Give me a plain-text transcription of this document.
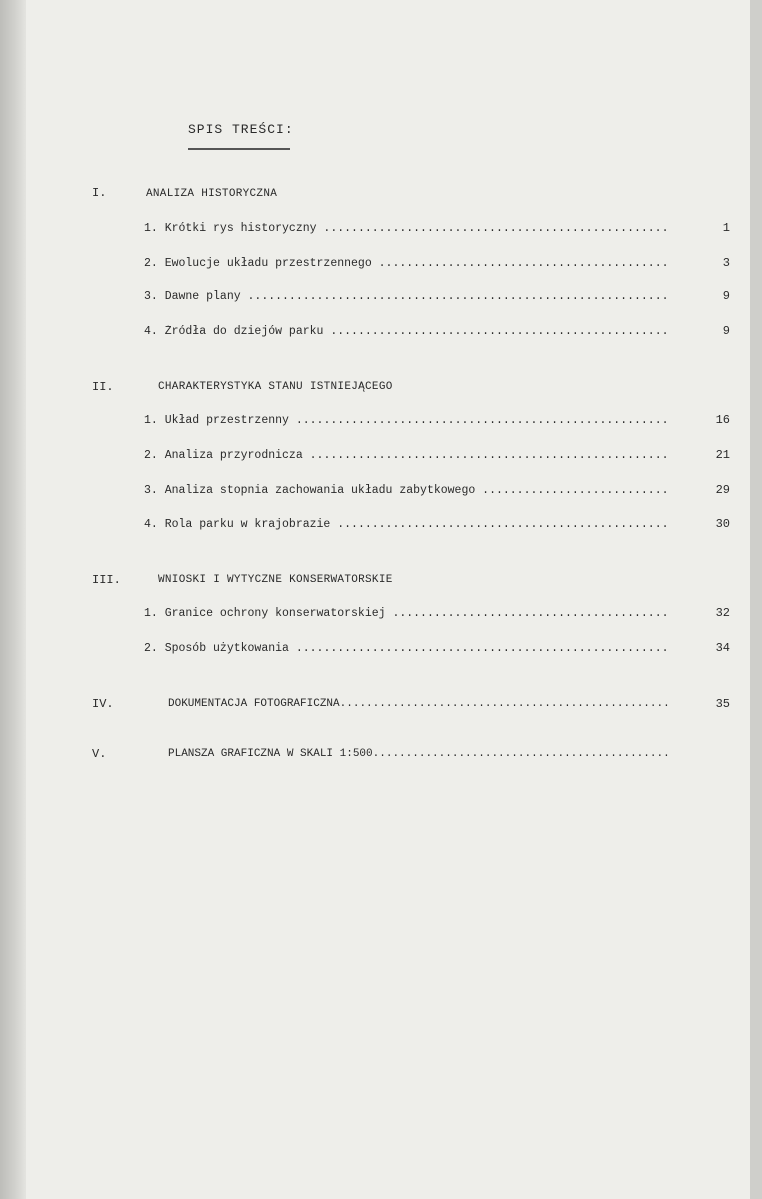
SPIS TREŚCI:
I.	ANALIZA HISTORYCZNA
1. Krótki rys historyczny .....	1
2. Ewolucje układu przestrzennego .....	3
3. Dawne plany .....	9
4. Źródła do dziejów parku .....	9
II.	CHARAKTERYSTYKA STANU ISTNIEJĄCEGO
1. Układ przestrzenny .....	16
2. Analiza przyrodnicza .....	21
3. Analiza stopnia zachowania układu zabytkowego .....	29
4. Rola parku w krajobrazie .....	30
III.	WNIOSKI I WYTYCZNE KONSERWATORSKIE
1. Granice ochrony konserwatorskiej .....	32
2. Sposób użytkowania .....	34
IV.	DOKUMENTACJA FOTOGRAFICZNA .....	35
V.	PLANSZA GRAFICZNA W SKALI 1:500 .....
